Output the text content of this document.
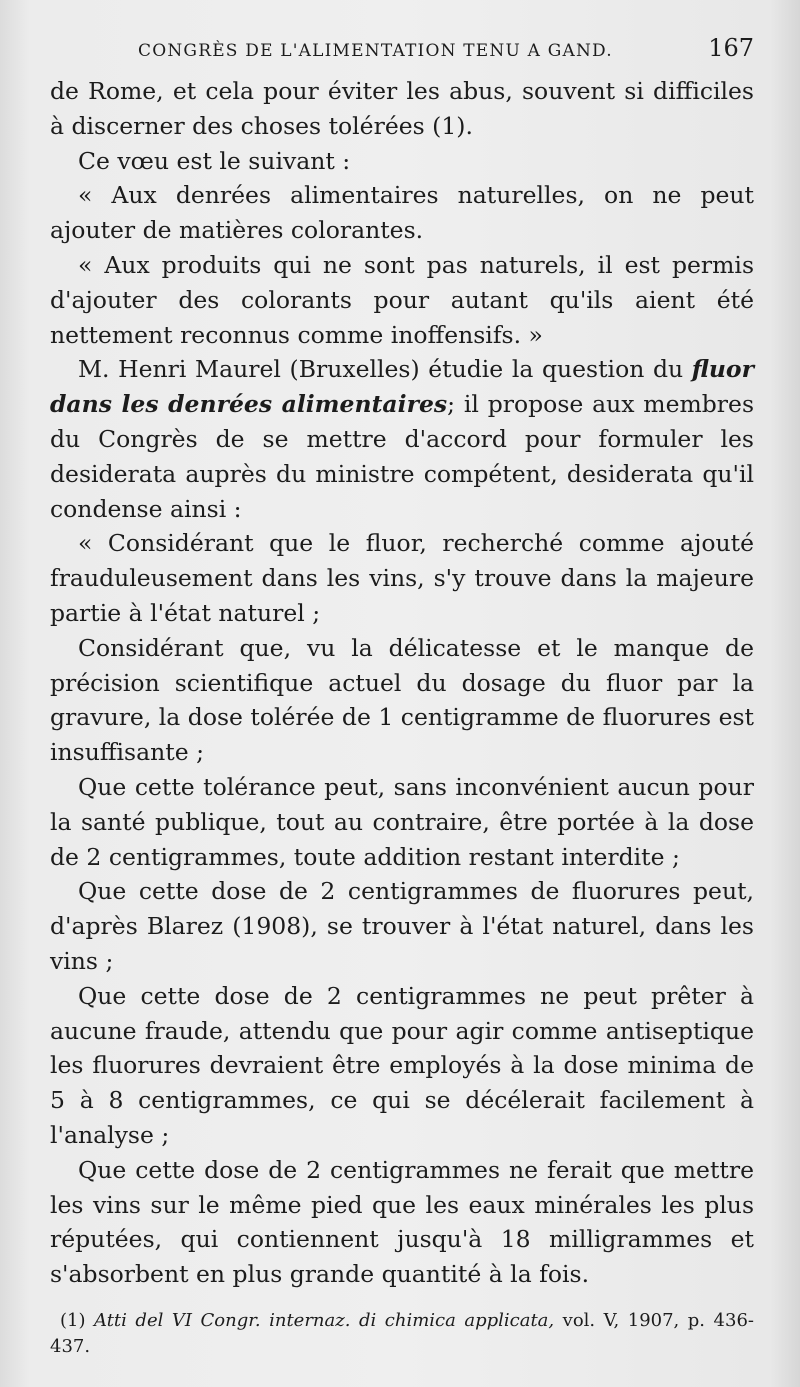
CONGRÈS DE L'ALIMENTATION TENU A GAND.	167

de Rome, et cela pour éviter les abus, souvent si difficiles à discerner des choses tolérées (1).

Ce vœu est le suivant :

« Aux denrées alimentaires naturelles, on ne peut ajouter de matières colorantes.

« Aux produits qui ne sont pas naturels, il est permis d'ajouter des colorants pour autant qu'ils aient été nettement reconnus comme inoffensifs. »

M. Henri Maurel (Bruxelles) étudie la question du fluor dans les denrées alimentaires; il propose aux membres du Congrès de se mettre d'accord pour formuler les desiderata auprès du ministre compétent, desiderata qu'il condense ainsi :

« Considérant que le fluor, recherché comme ajouté frauduleusement dans les vins, s'y trouve dans la majeure partie à l'état naturel ;

Considérant que, vu la délicatesse et le manque de précision scientifique actuel du dosage du fluor par la gravure, la dose tolérée de 1 centigramme de fluorures est insuffisante ;

Que cette tolérance peut, sans inconvénient aucun pour la santé publique, tout au contraire, être portée à la dose de 2 centigrammes, toute addition restant interdite ;

Que cette dose de 2 centigrammes de fluorures peut, d'après Blarez (1908), se trouver à l'état naturel, dans les vins ;

Que cette dose de 2 centigrammes ne peut prêter à aucune fraude, attendu que pour agir comme antiseptique les fluorures devraient être employés à la dose minima de 5 à 8 centigrammes, ce qui se décélerait facilement à l'analyse ;

Que cette dose de 2 centigrammes ne ferait que mettre les vins sur le même pied que les eaux minérales les plus réputées, qui contiennent jusqu'à 18 milligrammes et s'absorbent en plus grande quantité à la fois.

(1) Atti del VI Congr. internaz. di chimica applicata, vol. V, 1907, p. 436-437.
